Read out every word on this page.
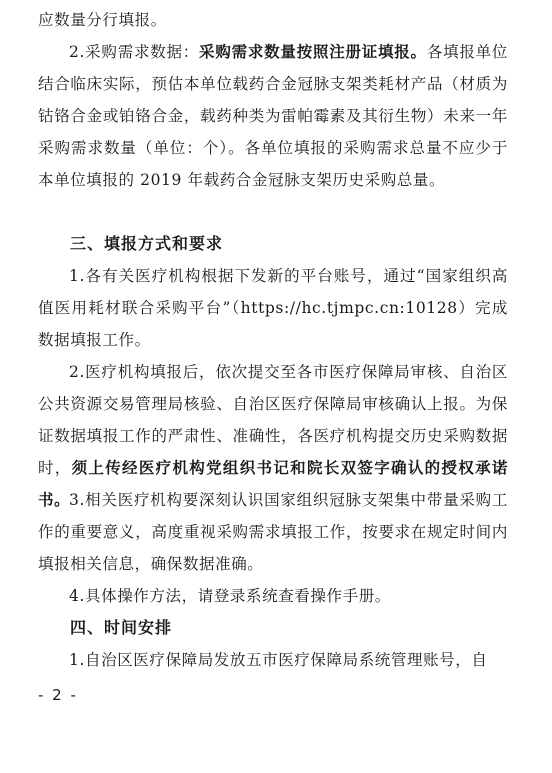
应数量分行填报。

2.采购需求数据：采购需求数量按照注册证填报。各填报单位结合临床实际，预估本单位载药合金冠脉支架类耗材产品（材质为钴铬合金或铂铬合金，载药种类为雷帕霉素及其衍生物）未来一年采购需求数量（单位：个）。各单位填报的采购需求总量不应少于本单位填报的 2019 年载药合金冠脉支架历史采购总量。

三、填报方式和要求

1.各有关医疗机构根据下发新的平台账号，通过“国家组织高值医用耗材联合采购平台”（https://hc.tjmpc.cn:10128）完成数据填报工作。

2.医疗机构填报后，依次提交至各市医疗保障局审核、自治区公共资源交易管理局核验、自治区医疗保障局审核确认上报。为保证数据填报工作的严肃性、准确性，各医疗机构提交历史采购数据时，须上传经医疗机构党组织书记和院长双签字确认的授权承诺书。

3.相关医疗机构要深刻认识国家组织冠脉支架集中带量采购工作的重要意义，高度重视采购需求填报工作，按要求在规定时间内填报相关信息，确保数据准确。

4.具体操作方法，请登录系统查看操作手册。

四、时间安排

1.自治区医疗保障局发放五市医疗保障局系统管理账号，自

- 2 -
